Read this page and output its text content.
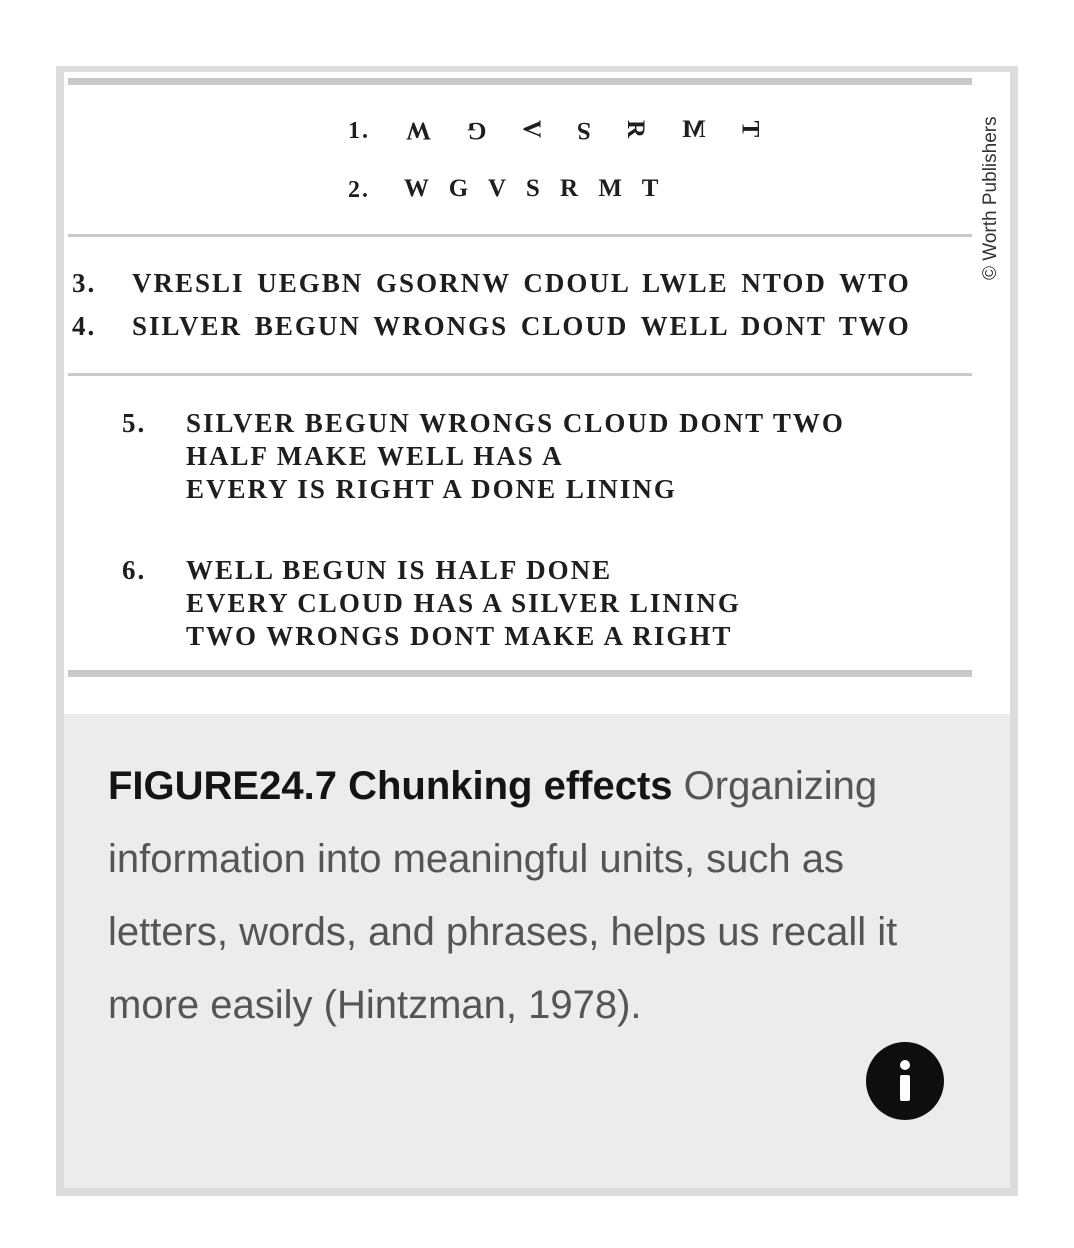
1. W G V S R M T
2. W G V S R M T
3. VRESLI UEGBN GSORNW CDOUL LWLE NTOD WTO
4. SILVER BEGUN WRONGS CLOUD WELL DONT TWO
5. SILVER BEGUN WRONGS CLOUD DONT TWO
HALF MAKE WELL HAS A
EVERY IS RIGHT A DONE LINING
6. WELL BEGUN IS HALF DONE
EVERY CLOUD HAS A SILVER LINING
TWO WRONGS DONT MAKE A RIGHT
© Worth Publishers
FIGURE24.7 Chunking effects Organizing information into meaningful units, such as letters, words, and phrases, helps us recall it more easily (Hintzman, 1978).
